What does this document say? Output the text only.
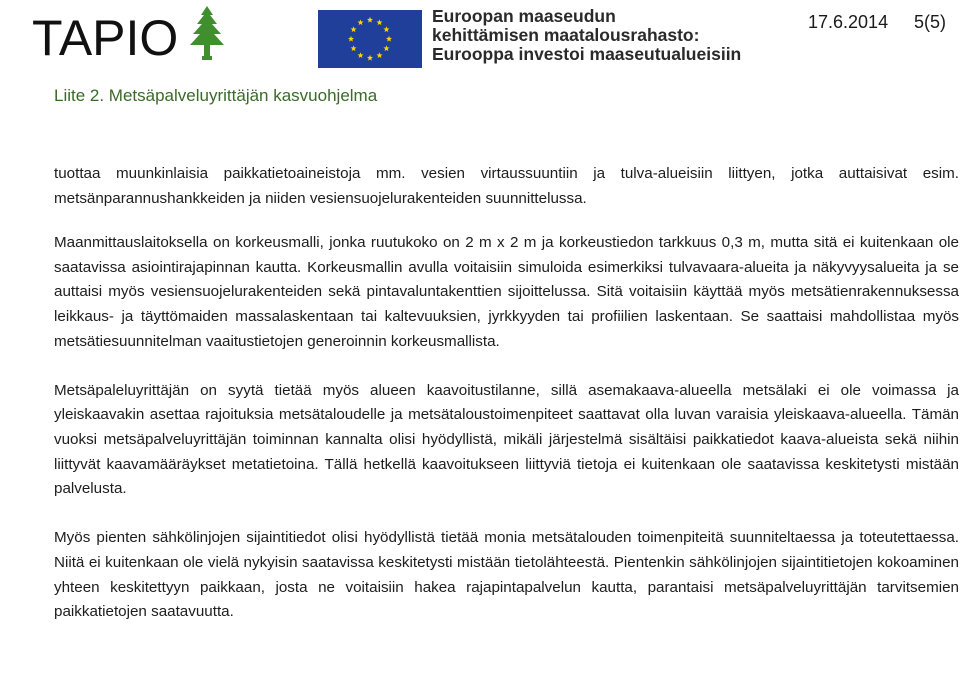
TAPIO	Euroopan maaseudun
kehittämisen maatalousrahasto:
Eurooppa investoi maaseutualueisiin
17.6.2014 5(5)
Liite 2. Metsäpalveluyrittäjän kasvuohjelma

tuottaa muunkinlaisia paikkatietoaineistoja mm. vesien virtaussuuntiin ja tulva-alueisiin liittyen, jotka auttaisivat esim. metsänparannushankkeiden ja niiden vesiensuojelurakenteiden suunnittelussa.

Maanmittauslaitoksella on korkeusmalli, jonka ruutukoko on 2 m x 2 m ja korkeustiedon tarkkuus 0,3 m, mutta sitä ei kuitenkaan ole saatavissa asiointirajapinnan kautta. Korkeusmallin avulla voitaisiin simuloida esimerkiksi tulvavaara-alueita ja näkyvyysalueita ja se auttaisi myös vesiensuojelurakenteiden sekä pintavaluntakenttien sijoittelussa. Sitä voitaisiin käyttää myös metsätienrakennuksessa leikkaus- ja täyttömaiden massalaskentaan tai kaltevuuksien, jyrkkyyden tai profiilien laskentaan. Se saattaisi mahdollistaa myös metsätiesuunnitelman vaaitustietojen generoinnin korkeusmallista.

Metsäpaleluyrittäjän on syytä tietää myös alueen kaavoitustilanne, sillä asemakaava-alueella metsälaki ei ole voimassa ja yleiskaavakin asettaa rajoituksia metsätaloudelle ja metsätaloustoimenpiteet saattavat olla luvan varaisia yleiskaava-alueella. Tämän vuoksi metsäpalveluyrittäjän toiminnan kannalta olisi hyödyllistä, mikäli järjestelmä sisältäisi paikkatiedot kaava-alueista sekä niihin liittyvät kaavamääräykset metatietoina. Tällä hetkellä kaavoitukseen liittyviä tietoja ei kuitenkaan ole saatavissa keskitetysti mistään palvelusta.

Myös pienten sähkölinjojen sijaintitiedot olisi hyödyllistä tietää monia metsätalouden toimenpiteitä suunniteltaessa ja toteutettaessa. Niitä ei kuitenkaan ole vielä nykyisin saatavissa keskitetysti mistään tietolähteestä. Pientenkin sähkölinjojen sijaintitietojen kokoaminen yhteen keskitettyyn paikkaan, josta ne voitaisiin hakea rajapintapalvelun kautta, parantaisi metsäpalveluyrittäjän tarvitsemien paikkatietojen saatavuutta.
